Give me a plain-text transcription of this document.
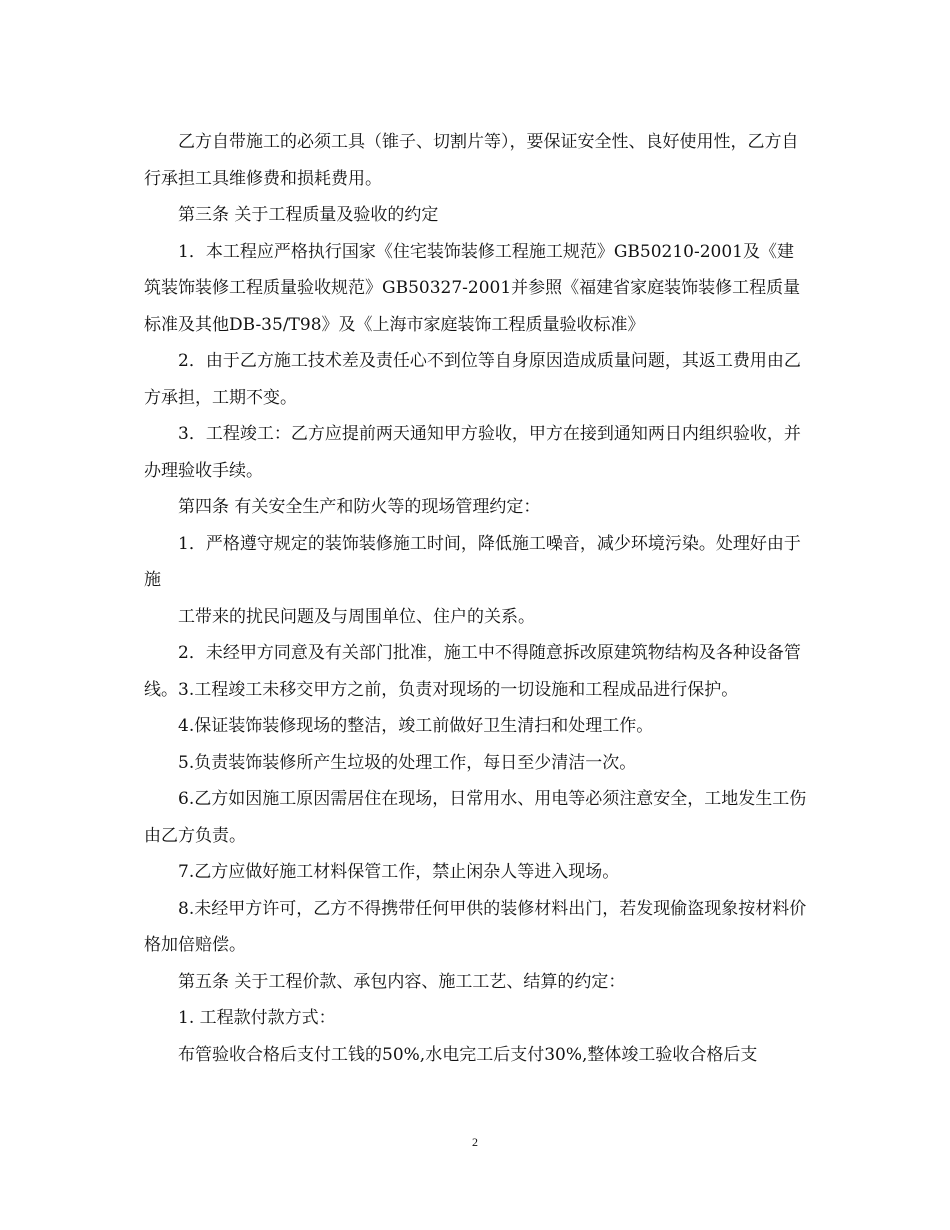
乙方自带施工的必须工具（锥子、切割片等），要保证安全性、良好使用性，乙方自行承担工具维修费和损耗费用。

第三条 关于工程质量及验收的约定

1．本工程应严格执行国家《住宅装饰装修工程施工规范》GB50210-2001及《建筑装饰装修工程质量验收规范》GB50327-2001并参照《福建省家庭装饰装修工程质量标准及其他DB-35/T98》及《上海市家庭装饰工程质量验收标准》

2．由于乙方施工技术差及责任心不到位等自身原因造成质量问题，其返工费用由乙方承担，工期不变。

3．工程竣工：乙方应提前两天通知甲方验收，甲方在接到通知两日内组织验收，并办理验收手续。

第四条 有关安全生产和防火等的现场管理约定：

1．严格遵守规定的装饰装修施工时间，降低施工噪音，减少环境污染。处理好由于施

工带来的扰民问题及与周围单位、住户的关系。

2．未经甲方同意及有关部门批准，施工中不得随意拆改原建筑物结构及各种设备管线。3.工程竣工未移交甲方之前，负责对现场的一切设施和工程成品进行保护。

4.保证装饰装修现场的整洁，竣工前做好卫生清扫和处理工作。

5.负责装饰装修所产生垃圾的处理工作，每日至少清洁一次。

6.乙方如因施工原因需居住在现场，日常用水、用电等必须注意安全，工地发生工伤由乙方负责。

7.乙方应做好施工材料保管工作，禁止闲杂人等进入现场。

8.未经甲方许可，乙方不得携带任何甲供的装修材料出门，若发现偷盗现象按材料价格加倍赔偿。

第五条 关于工程价款、承包内容、施工工艺、结算的约定：

1. 工程款付款方式：

布管验收合格后支付工钱的50%,水电完工后支付30%,整体竣工验收合格后支

2
